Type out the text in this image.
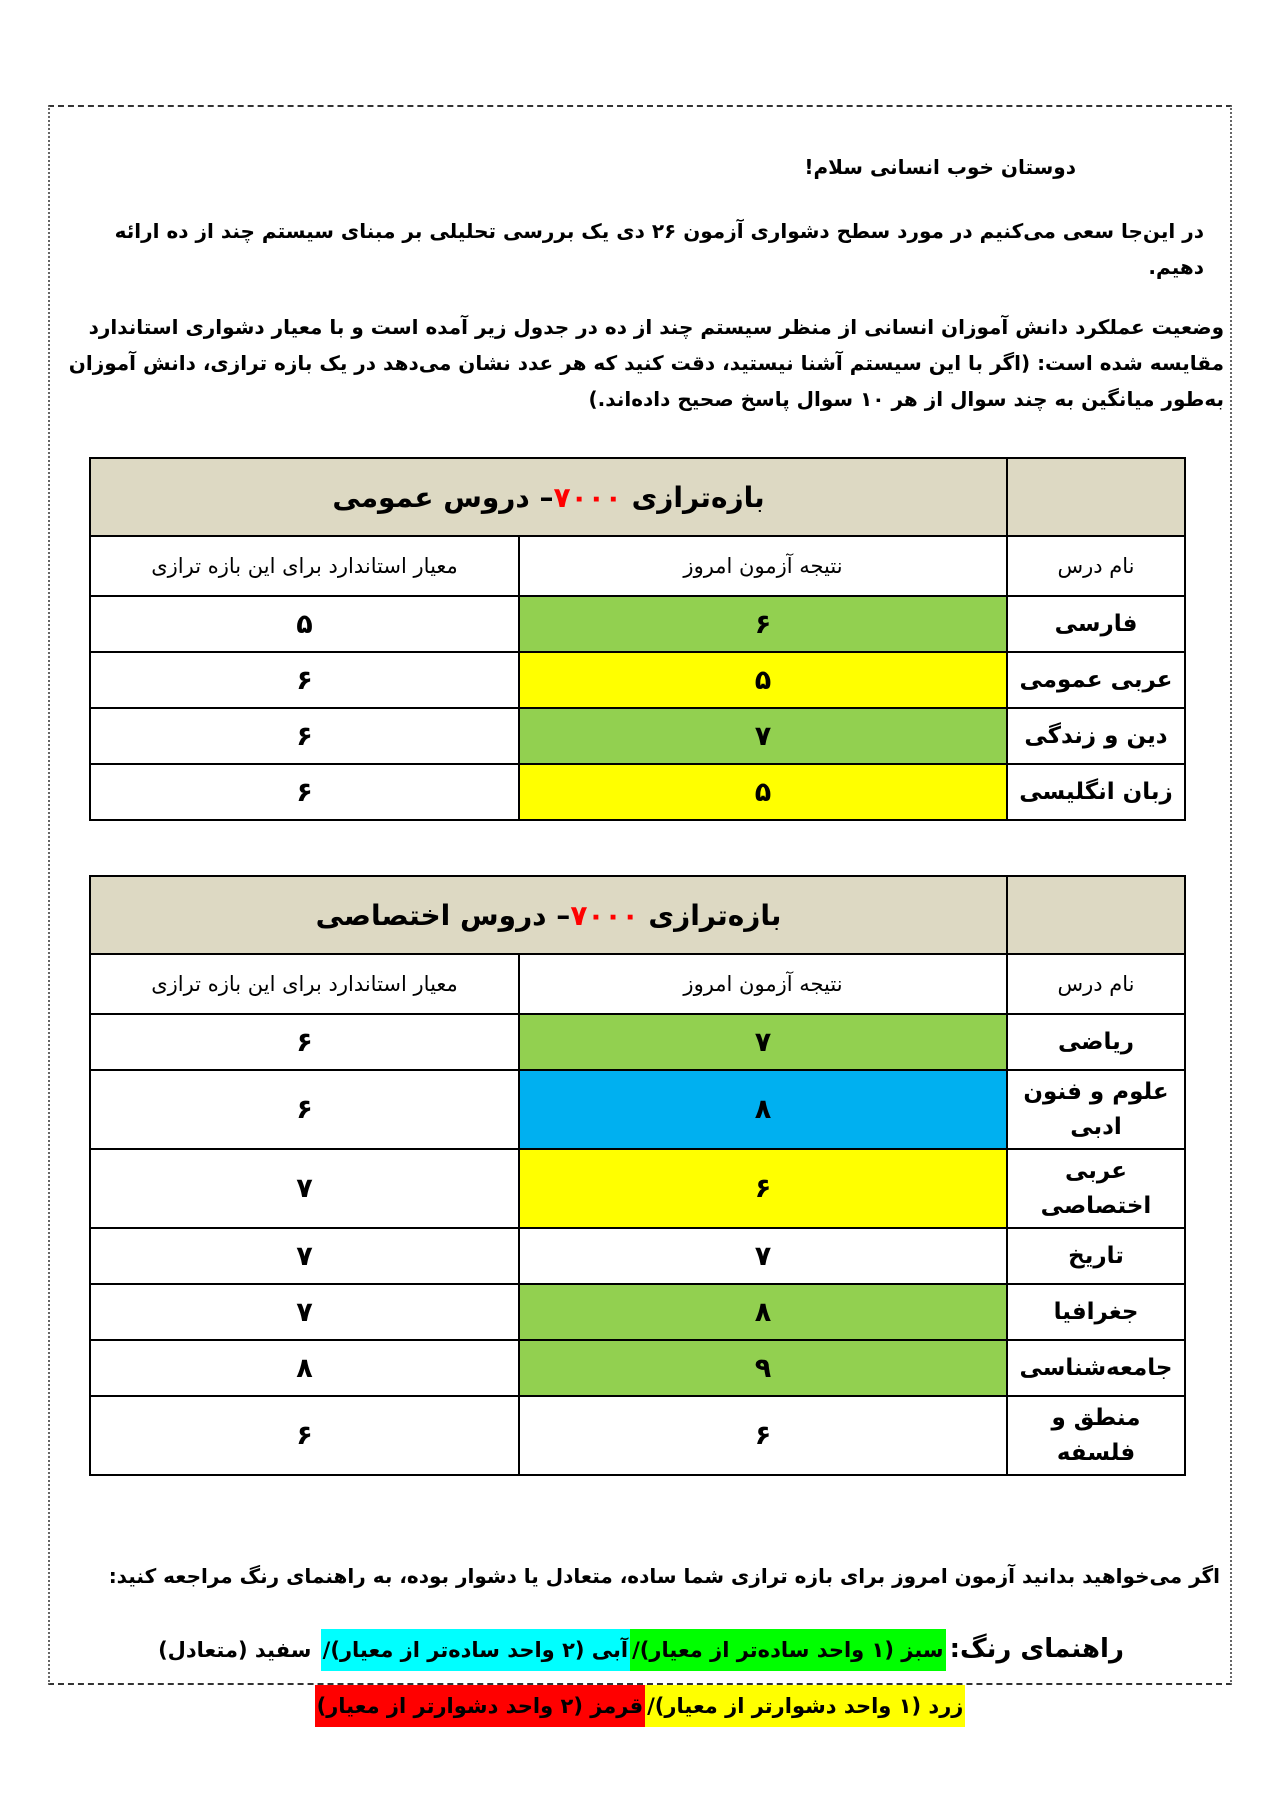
دوستان خوب انسانی سلام!

در این‌جا سعی می‌کنیم در مورد سطح دشواری آزمون ۲۶ دی یک بررسی تحلیلی بر مبنای سیستم چند از ده ارائه دهیم.

وضعیت عملکرد دانش آموزان انسانی از منظر سیستم چند از ده در جدول زیر آمده است و با معیار دشواری استاندارد مقایسه شده است: (اگر با این سیستم آشنا نیستید، دقت کنید که هر عدد نشان می‌دهد در یک بازه ترازی، دانش آموزان به‌طور میانگین به چند سوال از هر ۱۰ سوال پاسخ صحیح داده‌اند.)

	بازه‌ترازی ۷۰۰۰– دروس عمومی	
نام درس	نتیجه آزمون امروز	معیار استاندارد برای این بازه ترازی
فارسی	۶	۵
عربی عمومی	۵	۶
دین و زندگی	۷	۶
زبان انگلیسی	۵	۶
	بازه‌ترازی ۷۰۰۰– دروس اختصاصی	
نام درس	نتیجه آزمون امروز	معیار استاندارد برای این بازه ترازی
ریاضی	۷	۶
علوم و فنون ادبی	۸	۶
عربی اختصاصی	۶	۷
تاریخ	۷	۷
جغرافیا	۸	۷
جامعه‌شناسی	۹	۸
منطق و فلسفه	۶	۶

اگر می‌خواهید بدانید آزمون امروز برای بازه ترازی شما ساده، متعادل یا دشوار بوده، به راهنمای رنگ مراجعه کنید:

راهنمای رنگ:سبز (۱ واحد ساده‌تر از معیار)/آبی (۲ واحد ساده‌تر از معیار)/ سفید (متعادل)
زرد (۱ واحد دشوارتر از معیار)/قرمز (۲ واحد دشوارتر از معیار)
